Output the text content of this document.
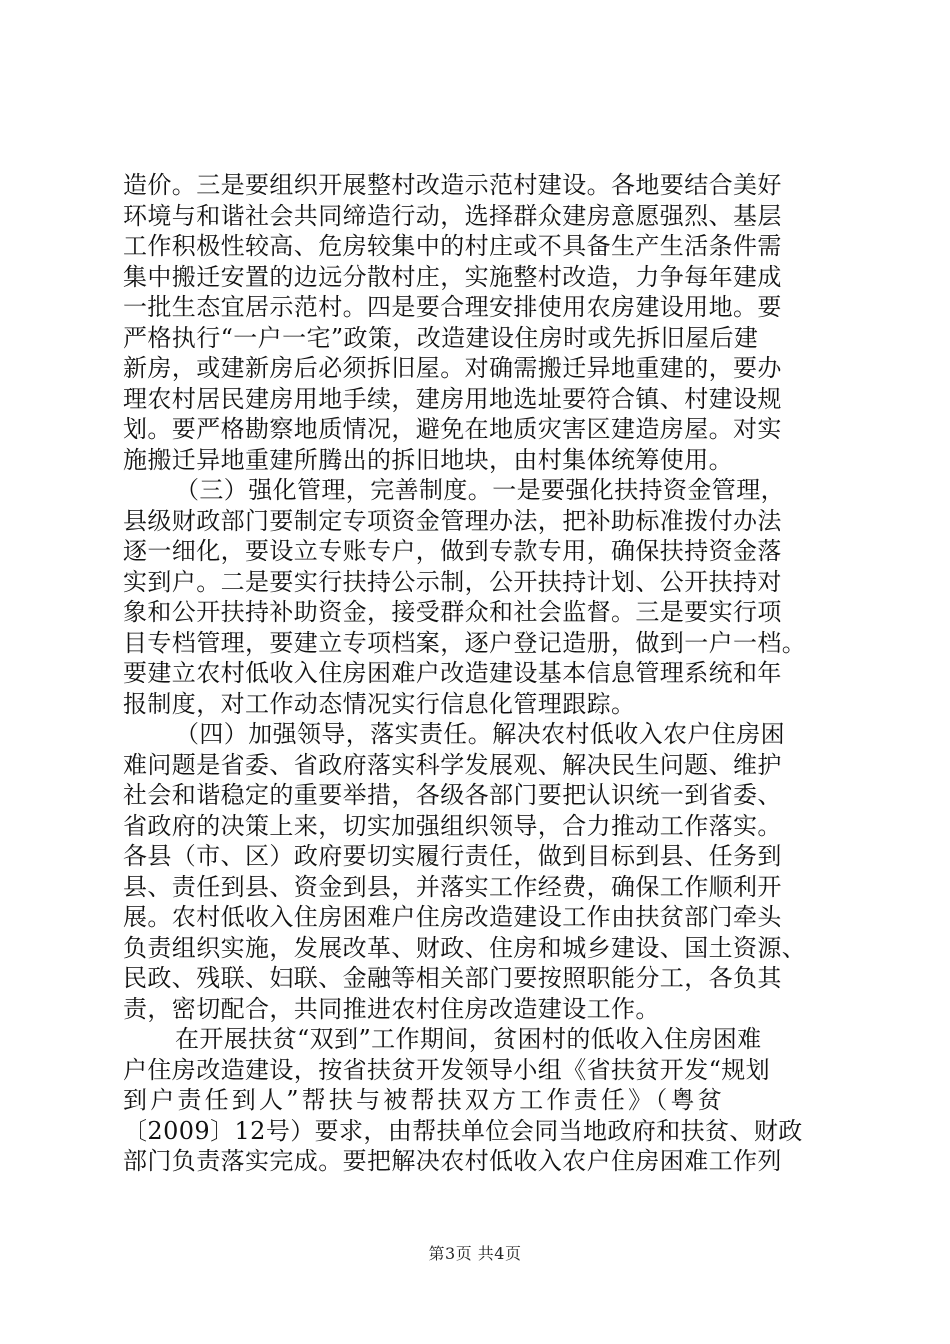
造价。三是要组织开展整村改造示范村建设。各地要结合美好
环境与和谐社会共同缔造行动，选择群众建房意愿强烈、基层
工作积极性较高、危房较集中的村庄或不具备生产生活条件需
集中搬迁安置的边远分散村庄，实施整村改造，力争每年建成
一批生态宜居示范村。四是要合理安排使用农房建设用地。要
严格执行“一户一宅”政策，改造建设住房时或先拆旧屋后建
新房，或建新房后必须拆旧屋。对确需搬迁异地重建的，要办
理农村居民建房用地手续，建房用地选址要符合镇、村建设规
划。要严格勘察地质情况，避免在地质灾害区建造房屋。对实
施搬迁异地重建所腾出的拆旧地块，由村集体统筹使用。
（三）强化管理，完善制度。一是要强化扶持资金管理，
县级财政部门要制定专项资金管理办法，把补助标准拨付办法
逐一细化，要设立专账专户，做到专款专用，确保扶持资金落
实到户。二是要实行扶持公示制，公开扶持计划、公开扶持对
象和公开扶持补助资金，接受群众和社会监督。三是要实行项
目专档管理，要建立专项档案，逐户登记造册，做到一户一档。
要建立农村低收入住房困难户改造建设基本信息管理系统和年
报制度，对工作动态情况实行信息化管理跟踪。
（四）加强领导，落实责任。解决农村低收入农户住房困
难问题是省委、省政府落实科学发展观、解决民生问题、维护
社会和谐稳定的重要举措，各级各部门要把认识统一到省委、
省政府的决策上来，切实加强组织领导，合力推动工作落实。
各县（市、区）政府要切实履行责任，做到目标到县、任务到
县、责任到县、资金到县，并落实工作经费，确保工作顺利开
展。农村低收入住房困难户住房改造建设工作由扶贫部门牵头
负责组织实施，发展改革、财政、住房和城乡建设、国土资源、
民政、残联、妇联、金融等相关部门要按照职能分工，各负其
责，密切配合，共同推进农村住房改造建设工作。
在开展扶贫“双到”工作期间，贫困村的低收入住房困难
户住房改造建设，按省扶贫开发领导小组《省扶贫开发“规划
到户责任到人”帮扶与被帮扶双方工作责任》（粤贫
〔2009〕12号）要求，由帮扶单位会同当地政府和扶贫、财政
部门负责落实完成。要把解决农村低收入农户住房困难工作列
第3页 共4页
